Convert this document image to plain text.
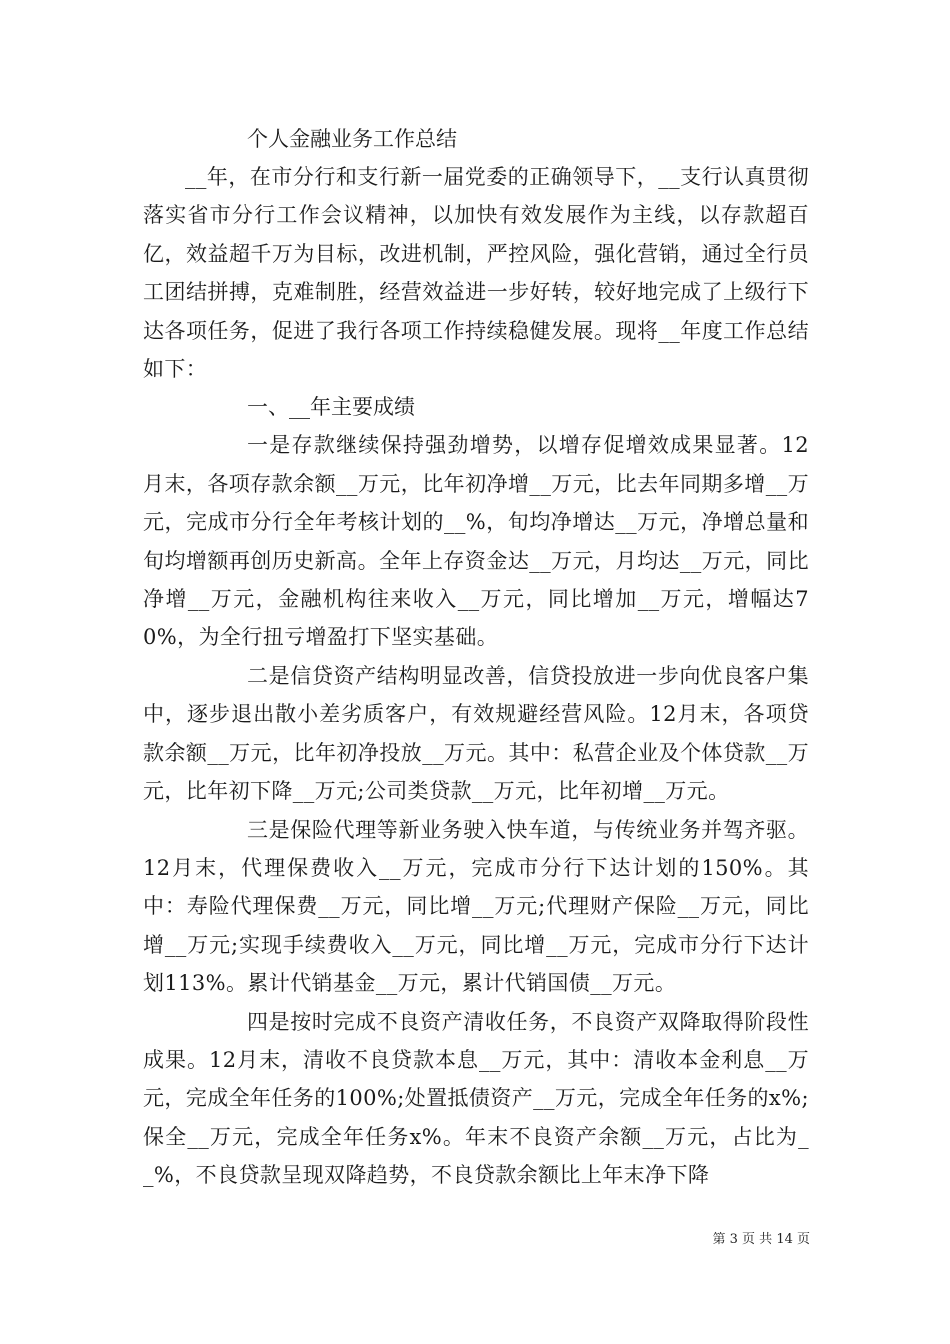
个人金融业务工作总结

__年，在市分行和支行新一届党委的正确领导下，__支行认真贯彻落实省市分行工作会议精神，以加快有效发展作为主线，以存款超百亿，效益超千万为目标，改进机制，严控风险，强化营销，通过全行员工团结拼搏，克难制胜，经营效益进一步好转，较好地完成了上级行下达各项任务，促进了我行各项工作持续稳健发展。现将__年度工作总结如下：

一、__年主要成绩

一是存款继续保持强劲增势，以增存促增效成果显著。12月末，各项存款余额__万元，比年初净增__万元，比去年同期多增__万元，完成市分行全年考核计划的__%，旬均净增达__万元，净增总量和旬均增额再创历史新高。全年上存资金达__万元，月均达__万元，同比净增__万元，金融机构往来收入__万元，同比增加__万元，增幅达70%，为全行扭亏增盈打下坚实基础。

二是信贷资产结构明显改善，信贷投放进一步向优良客户集中，逐步退出散小差劣质客户，有效规避经营风险。12月末，各项贷款余额__万元，比年初净投放__万元。其中：私营企业及个体贷款__万元，比年初下降__万元;公司类贷款__万元，比年初增__万元。

三是保险代理等新业务驶入快车道，与传统业务并驾齐驱。12月末，代理保费收入__万元，完成市分行下达计划的150%。其中：寿险代理保费__万元，同比增__万元;代理财产保险__万元，同比增__万元;实现手续费收入__万元，同比增__万元，完成市分行下达计划113%。累计代销基金__万元，累计代销国债__万元。

四是按时完成不良资产清收任务，不良资产双降取得阶段性成果。12月末，清收不良贷款本息__万元，其中：清收本金利息__万元，完成全年任务的100%;处置抵债资产__万元，完成全年任务的x%;保全__万元，完成全年任务x%。年末不良资产余额__万元，占比为__%，不良贷款呈现双降趋势，不良贷款余额比上年末净下降

第 3 页 共 14 页
